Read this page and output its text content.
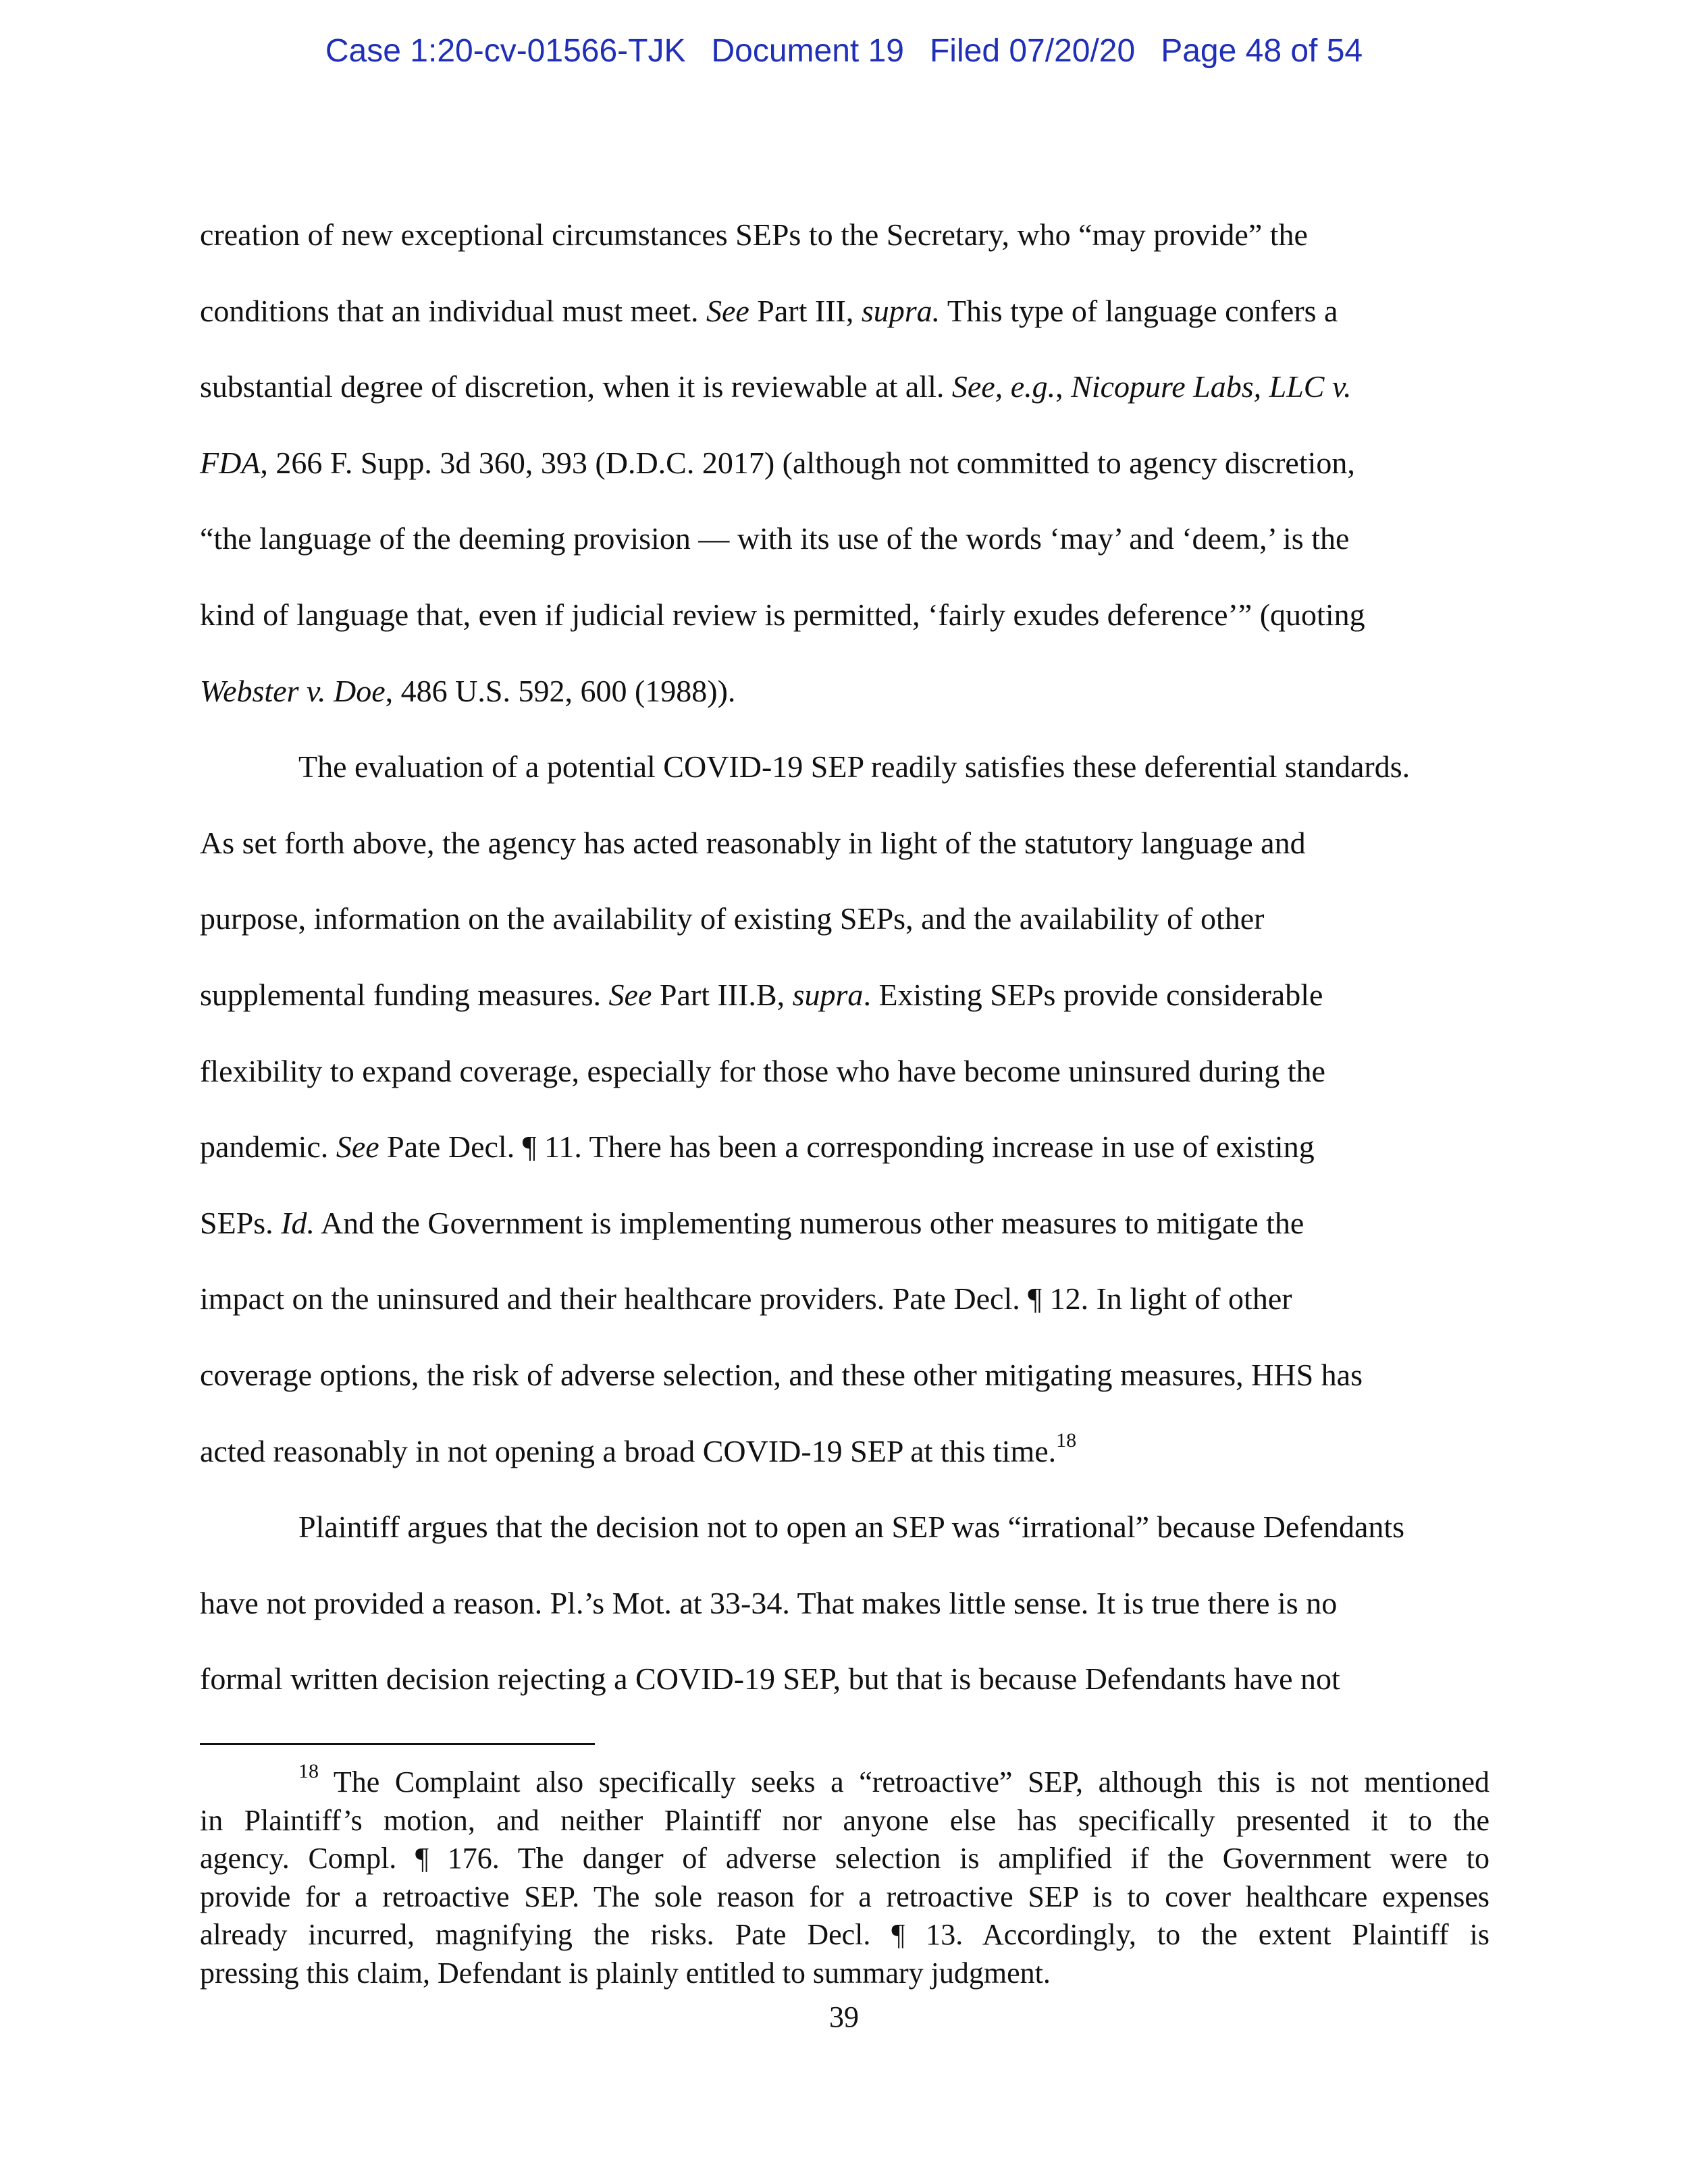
Case 1:20-cv-01566-TJK Document 19 Filed 07/20/20 Page 48 of 54
creation of new exceptional circumstances SEPs to the Secretary, who “may provide” the
conditions that an individual must meet. See Part III, supra. This type of language confers a
substantial degree of discretion, when it is reviewable at all. See, e.g., Nicopure Labs, LLC v.
FDA, 266 F. Supp. 3d 360, 393 (D.D.C. 2017) (although not committed to agency discretion,
“the language of the deeming provision — with its use of the words ‘may’ and ‘deem,’ is the
kind of language that, even if judicial review is permitted, ‘fairly exudes deference’” (quoting
Webster v. Doe, 486 U.S. 592, 600 (1988)).
The evaluation of a potential COVID-19 SEP readily satisfies these deferential standards.
As set forth above, the agency has acted reasonably in light of the statutory language and
purpose, information on the availability of existing SEPs, and the availability of other
supplemental funding measures. See Part III.B, supra. Existing SEPs provide considerable
flexibility to expand coverage, especially for those who have become uninsured during the
pandemic. See Pate Decl. ¶ 11. There has been a corresponding increase in use of existing
SEPs. Id. And the Government is implementing numerous other measures to mitigate the
impact on the uninsured and their healthcare providers. Pate Decl. ¶ 12. In light of other
coverage options, the risk of adverse selection, and these other mitigating measures, HHS has
acted reasonably in not opening a broad COVID-19 SEP at this time.$^{18}$
Plaintiff argues that the decision not to open an SEP was “irrational” because Defendants
have not provided a reason. Pl.’s Mot. at 33-34. That makes little sense. It is true there is no
formal written decision rejecting a COVID-19 SEP, but that is because Defendants have not
$^{18}$ The Complaint also specifically seeks a “retroactive” SEP, although this is not mentioned
in Plaintiff’s motion, and neither Plaintiff nor anyone else has specifically presented it to the
agency. Compl. ¶ 176. The danger of adverse selection is amplified if the Government were to
provide for a retroactive SEP. The sole reason for a retroactive SEP is to cover healthcare expenses
already incurred, magnifying the risks. Pate Decl. ¶ 13. Accordingly, to the extent Plaintiff is
pressing this claim, Defendant is plainly entitled to summary judgment.
39
